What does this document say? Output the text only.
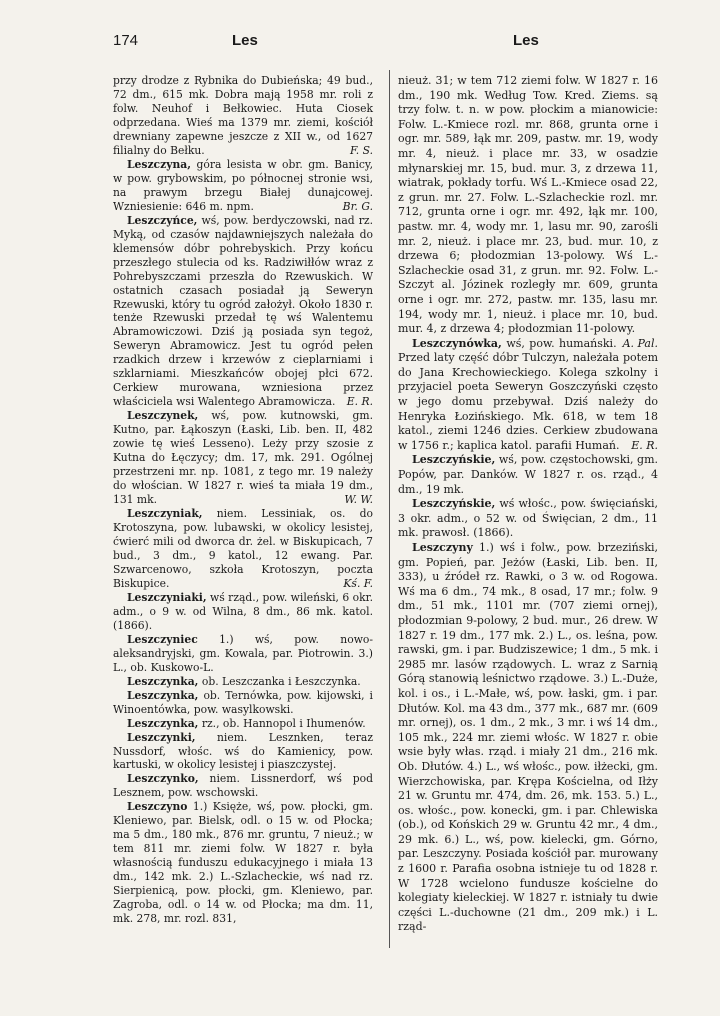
174	Les	Les

przy drodze z Rybnika do Dubieńska; 49 bud., 72 dm., 615 mk. Dobra mają 1958 mr. roli z folw. Neuhof i Bełkowiec. Huta Ciosek odprzedana. Wieś ma 1379 mr. ziemi, kościół drewniany zapewne jeszcze z XII w., od 1627 filialny do Bełku.	F. S.

Leszczyna, góra lesista w obr. gm. Banicy, w pow. grybowskim, po północnej stronie wsi, na prawym brzegu Białej dunajcowej. Wzniesienie: 646 m. npm.	Br. G.

Leszczyńce, wś, pow. berdyczowski, nad rz. Myką, od czasów najdawniejszych należała do klemensów dóbr pohrebyskich. Przy końcu przeszłego stulecia od ks. Radziwiłłów wraz z Pohrebyszczami przeszła do Rzewuskich. W ostatnich czasach posiadał ją Seweryn Rzewuski, który tu ogród założył. Około 1830 r. tenże Rzewuski przedał tę wś Walentemu Abramowiczowi. Dziś ją posiada syn tegoż, Seweryn Abramowicz. Jest tu ogród pełen rzadkich drzew i krzewów z cieplarniami i szklarniami. Mieszkańców obojej płci 672. Cerkiew murowana, wzniesiona przez właściciela wsi Walentego Abramowicza.	E. R.

Leszczynek, wś, pow. kutnowski, gm. Kutno, par. Łąkoszyn (Łaski, Lib. ben. II, 482 zowie tę wieś Lesseno). Leży przy szosie z Kutna do Łęczycy; dm. 17, mk. 291. Ogólnej przestrzeni mr. np. 1081, z tego mr. 19 należy do włościan. W 1827 r. wieś ta miała 19 dm., 131 mk.	W. W.

Leszczyniak, niem. Lessiniak, os. do Krotoszyna, pow. lubawski, w okolicy lesistej, ćwierć mili od dworca dr. żel. w Biskupicach, 7 bud., 3 dm., 9 katol., 12 ewang. Par. Szwarcenowo, szkoła Krotoszyn, poczta Biskupice.	Kś. F.

Leszczyniaki, wś rząd., pow. wileński, 6 okr. adm., o 9 w. od Wilna, 8 dm., 86 mk. katol. (1866).

Leszczyniec 1.) wś, pow. nowo-aleksandryjski, gm. Kowala, par. Piotrowin. 3.) L., ob. Kuskowo-L.

Leszczynka, ob. Leszczanka i Łeszczynka.

Leszczynka, ob. Ternówka, pow. kijowski, i Winoentówka, pow. wasylkowski.

Leszczynka, rz., ob. Hannopol i Ihumenów.

Leszczynki, niem. Lesznken, teraz Nussdorf, włośc. wś do Kamienicy, pow. kartuski, w okolicy lesistej i piaszczystej.

Leszczynko, niem. Lissnerdorf, wś pod Lesznem, pow. wschowski.

Leszczyno 1.) Księże, wś, pow. płocki, gm. Kleniewo, par. Bielsk, odl. o 15 w. od Płocka; ma 5 dm., 180 mk., 876 mr. gruntu, 7 nieuż.; w tem 811 mr. ziemi folw. W 1827 r. była własnością funduszu edukacyjnego i miała 13 dm., 142 mk. 2.) L.-Szlacheckie, wś nad rz. Sierpienicą, pow. płocki, gm. Kleniewo, par. Zagroba, odl. o 14 w. od Płocka; ma dm. 11, mk. 278, mr. rozl. 831,

nieuż. 31; w tem 712 ziemi folw. W 1827 r. 16 dm., 190 mk. Według Tow. Kred. Ziems. są trzy folw. t. n. w pow. płockim a mianowicie: Folw. L.-Kmiece rozl. mr. 868, grunta orne i ogr. mr. 589, łąk mr. 209, pastw. mr. 19, wody mr. 4, nieuż. i place mr. 33, w osadzie młynarskiej mr. 15, bud. mur. 3, z drzewa 11, wiatrak, pokłady torfu. Wś L.-Kmiece osad 22, z grun. mr. 27. Folw. L.-Szlacheckie rozl. mr. 712, grunta orne i ogr. mr. 492, łąk mr. 100, pastw. mr. 4, wody mr. 1, lasu mr. 90, zarośli mr. 2, nieuż. i place mr. 23, bud. mur. 10, z drzewa 6; płodozmian 13-polowy. Wś L.-Szlacheckie osad 31, z grun. mr. 92. Folw. L.-Szczyt al. Józinek rozległy mr. 609, grunta orne i ogr. mr. 272, pastw. mr. 135, lasu mr. 194, wody mr. 1, nieuż. i place mr. 10, bud. mur. 4, z drzewa 4; płodozmian 11-polowy.
A. Pal.

Leszczynówka, wś, pow. humański. Przed laty część dóbr Tulczyn, należała potem do Jana Krechowieckiego. Kolega szkolny i przyjaciel poeta Seweryn Goszczyński często w jego domu przebywał. Dziś należy do Henryka Łozińskiego. Mk. 618, w tem 18 katol., ziemi 1246 dzies. Cerkiew zbudowana w 1756 r.; kaplica katol. parafii Humań.	E. R.

Leszczyńskie, wś, pow. częstochowski, gm. Popów, par. Danków. W 1827 r. os. rząd., 4 dm., 19 mk.

Leszczyńskie, wś włośc., pow. święciański, 3 okr. adm., o 52 w. od Święcian, 2 dm., 11 mk. prawosł. (1866).

Leszczyny 1.) wś i folw., pow. brzeziński, gm. Popień, par. Jeżów (Łaski, Lib. ben. II, 333), u źródeł rz. Rawki, o 3 w. od Rogowa. Wś ma 6 dm., 74 mk., 8 osad, 17 mr.; folw. 9 dm., 51 mk., 1101 mr. (707 ziemi ornej), płodozmian 9-polowy, 2 bud. mur., 26 drew. W 1827 r. 19 dm., 177 mk. 2.) L., os. leśna, pow. rawski, gm. i par. Budziszewice; 1 dm., 5 mk. i 2985 mr. lasów rządowych. L. wraz z Sarnią Górą stanowią leśnictwo rządowe. 3.) L.-Duże, kol. i os., i L.-Małe, wś, pow. łaski, gm. i par. Dłutów. Kol. ma 43 dm., 377 mk., 687 mr. (609 mr. ornej), os. 1 dm., 2 mk., 3 mr. i wś 14 dm., 105 mk., 224 mr. ziemi włośc. W 1827 r. obie wsie były włas. rząd. i miały 21 dm., 216 mk. Ob. Dłutów. 4.) L., wś włośc., pow. iłżecki, gm. Wierzchowiska, par. Krępa Kościelna, od Iłży 21 w. Gruntu mr. 474, dm. 26, mk. 153. 5.) L., os. włośc., pow. konecki, gm. i par. Chlewiska (ob.), od Końskich 29 w. Gruntu 42 mr., 4 dm., 29 mk. 6.) L., wś, pow. kielecki, gm. Górno, par. Leszczyny. Posiada kościół par. murowany z 1600 r. Parafia osobna istnieje tu od 1828 r. W 1728 wcielono fundusze kościelne do kolegiaty kieleckiej. W 1827 r. istniały tu dwie części L.-duchowne (21 dm., 209 mk.) i L. rząd-
